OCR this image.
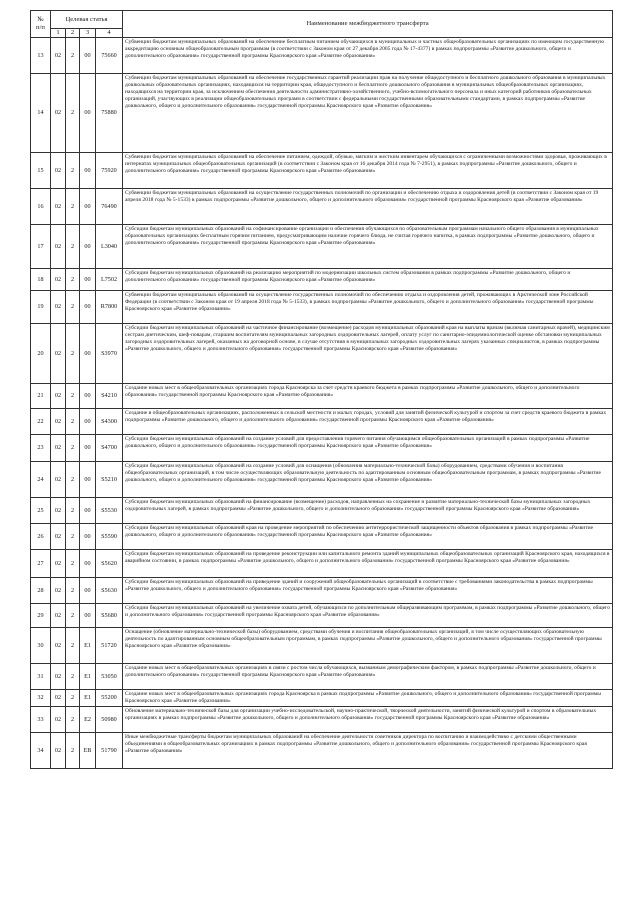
№
п/п	Целевая статья				Наименование межбюджетного трансферта
	1	2	3	4	
13	02	2	00	75660	Субвенции бюджетам муниципальных образований на обеспечение бесплатным питанием обучающихся в муниципальных и частных общеобразовательных организациях по имеющим государственную аккредитацию основным общеобразовательным программам (в соответствии с Законом края от 27 декабря 2005 года № 17-4377) в рамках подпрограммы «Развитие дошкольного, общего и дополнительного образования» государственной программы Красноярского края «Развитие образования»
14	02	2	00	75880	Субвенции бюджетам муниципальных образований на обеспечение государственных гарантий реализации прав на получение общедоступного и бесплатного дошкольного образования в муниципальных дошкольных образовательных организациях, находящихся на территории края, общедоступного и бесплатного дошкольного образования в муниципальных общеобразовательных организациях, находящихся на территории края, за исключением обеспечения деятельности административно-хозяйственного, учебно-вспомогательного персонала и иных категорий работников образовательных организаций, участвующих в реализации общеобразовательных программ в соответствии с федеральными государственными образовательными стандартами, в рамках подпрограммы «Развитие дошкольного, общего и дополнительного образования» государственной программы Красноярского края «Развитие образования»
15	02	2	00	75920	Субвенции бюджетам муниципальных образований на обеспечение питанием, одеждой, обувью, мягким и жестким инвентарем обучающихся с ограниченными возможностями здоровья, проживающих в интернатах муниципальных общеобразовательных организаций (в соответствии с Законом края от 16 декабря 2014 года № 7-2951), в рамках подпрограммы «Развитие дошкольного, общего и дополнительного образования» государственной программы Красноярского края «Развитие образования»
16	02	2	00	76490	Субвенции бюджетам муниципальных образований на осуществление государственных полномочий по организации и обеспечению отдыха и оздоровления детей (в соответствии с Законом края от 19 апреля 2018 года № 5-1533) в рамках подпрограммы «Развитие дошкольного, общего и дополнительного образования» государственной программы Красноярского края «Развитие образования»
17	02	2	00	L3040	Субсидии бюджетам муниципальных образований на софинансирование организации и обеспечения обучающихся по образовательным программам начального общего образования в муниципальных образовательных организациях бесплатным горячим питанием, предусматривающим наличие горячего блюда, не считая горячего напитка, в рамках подпрограммы «Развитие дошкольного, общего и дополнительного образования» государственной программы Красноярского края «Развитие образования»
18	02	2	00	L7502	Субсидии бюджетам муниципальных образований на реализацию мероприятий по модернизации школьных систем образования в рамках подпрограммы «Развитие дошкольного, общего и дополнительного образования» государственной программы Красноярского края «Развитие образования»
19	02	2	00	R7800	Субвенции бюджетам муниципальных образований на осуществление государственных полномочий по обеспечению отдыха и оздоровления детей, проживающих в Арктической зоне Российской Федерации (в соответствии с Законом края от 19 апреля 2018 года № 5-1533), в рамках подпрограммы «Развитие дошкольного, общего и дополнительного образования» государственной программы Красноярского края «Развитие образования»
20	02	2	00	S3970	Субсидии бюджетам муниципальных образований на частичное финансирование (возмещение) расходов муниципальных образований края на выплаты врачам (включая санитарных врачей), медицинским сестрам диетическим, шеф-поварам, старшим воспитателям муниципальных загородных оздоровительных лагерей, оплату услуг по санитарно-эпидемиологической оценке обстановки муниципальных загородных оздоровительных лагерей, оказанных на договорной основе, в случае отсутствия в муниципальных загородных оздоровительных лагерях указанных специалистов, в рамках подпрограммы «Развитие дошкольного, общего и дополнительного образования» государственной программы Красноярского края «Развитие образования»
21	02	2	00	S4210	Создание новых мест в общеобразовательных организациях города Красноярска за счет средств краевого бюджета в рамках подпрограммы «Развитие дошкольного, общего и дополнительного образования» государственной программы Красноярского края «Развитие образования»
22	02	2	00	S4300	Создание в общеобразовательных организациях, расположенных в сельской местности и малых городах, условий для занятий физической культурой и спортом за счет средств краевого бюджета в рамках подпрограммы «Развитие дошкольного, общего и дополнительного образования» государственной программы Красноярского края «Развитие образования»
23	02	2	00	S4700	Субсидии бюджетам муниципальных образований на создание условий для предоставления горячего питания обучающимся общеобразовательных организаций в рамках подпрограммы «Развитие дошкольного, общего и дополнительного образования» государственной программы Красноярского края «Развитие образования»
24	02	2	00	S5210	Субсидии бюджетам муниципальных образований на создание условий для оснащения (обновления материально-технической базы) оборудованием, средствами обучения и воспитания общеобразовательных организаций, в том числе осуществляющих образовательную деятельность по адаптированным основным общеобразовательным программам, в рамках подпрограммы «Развитие дошкольного, общего и дополнительного образования» государственной программы Красноярского края «Развитие образования»
25	02	2	00	S5530	Субсидии бюджетам муниципальных образований на финансирование (возмещение) расходов, направленных на сохранение и развитие материально-технической базы муниципальных загородных оздоровительных лагерей, в рамках подпрограммы «Развитие дошкольного, общего и дополнительного образования» государственной программы Красноярского края «Развитие образования»
26	02	2	00	S5590	Субсидии бюджетам муниципальных образований края на проведение мероприятий по обеспечению антитеррористической защищенности объектов образования в рамках подпрограммы «Развитие дошкольного, общего и дополнительного образования» государственной программы Красноярского края «Развитие образования»
27	02	2	00	S5620	Субсидии бюджетам муниципальных образований на проведение реконструкции или капитального ремонта зданий муниципальных общеобразовательных организаций Красноярского края, находящихся в аварийном состоянии, в рамках подпрограммы «Развитие дошкольного, общего и дополнительного образования» государственной программы Красноярского края «Развитие образования»
28	02	2	00	S5630	Субсидии бюджетам муниципальных образований на приведение зданий и сооружений общеобразовательных организаций в соответствие с требованиями законодательства в рамках подпрограммы «Развитие дошкольного, общего и дополнительного образования» государственной программы Красноярского края «Развитие образования»
29	02	2	00	S5680	Субсидии бюджетам муниципальных образований на увеличение охвата детей, обучающихся по дополнительным общеразвивающим программам, в рамках подпрограммы «Развитие дошкольного, общего и дополнительного образования» государственной программы Красноярского края «Развитие образования»
30	02	2	E1	51720	Оснащение (обновление материально-технической базы) оборудованием, средствами обучения и воспитания общеобразовательных организаций, в том числе осуществляющих образовательную деятельность по адаптированным основным общеобразовательным программам, в рамках подпрограммы «Развитие дошкольного, общего и дополнительного образования» государственной программы Красноярского края «Развитие образования»
31	02	2	E1	53050	Создание новых мест в общеобразовательных организациях в связи с ростом числа обучающихся, вызванным демографическим фактором, в рамках подпрограммы «Развитие дошкольного, общего и дополнительного образования» государственной программы Красноярского края «Развитие образования»
32	02	2	E1	55200	Создание новых мест в общеобразовательных организациях города Красноярска в рамках подпрограммы «Развитие дошкольного, общего и дополнительного образования» государственной программы Красноярского края «Развитие образования»
33	02	2	E2	50980	Обновление материально-технической базы для организации учебно-исследовательской, научно-практической, творческой деятельности, занятий физической культурой и спортом в образовательных организациях в рамках подпрограммы «Развитие дошкольного, общего и дополнительного образования» государственной программы Красноярского края «Развитие образования»
34	02	2	EB	51790	Иные межбюджетные трансферты бюджетам муниципальных образований на обеспечение деятельности советников директора по воспитанию и взаимодействию с детскими общественными объединениями в общеобразовательных организациях в рамках подпрограммы «Развитие дошкольного, общего и дополнительного образования» государственной программы Красноярского края «Развитие образования»
